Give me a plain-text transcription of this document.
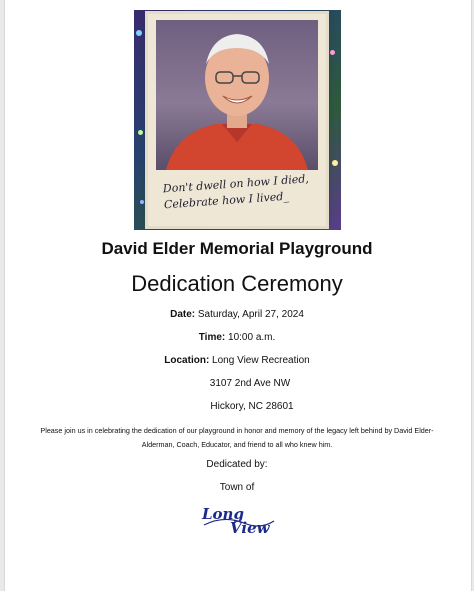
Don't dwell on how I died,
Celebrate how I lived_
David Elder Memorial Playground
Dedication Ceremony
Date: Saturday, April 27, 2024
Time: 10:00 a.m.
Location: Long View Recreation
3107 2nd Ave NW
Hickory, NC 28601
Please join us in celebrating the dedication of our playground in honor and memory of the legacy left behind by David Elder-
Alderman, Coach, Educator, and friend to all who knew him.
Dedicated by:
Town of
Long
View
